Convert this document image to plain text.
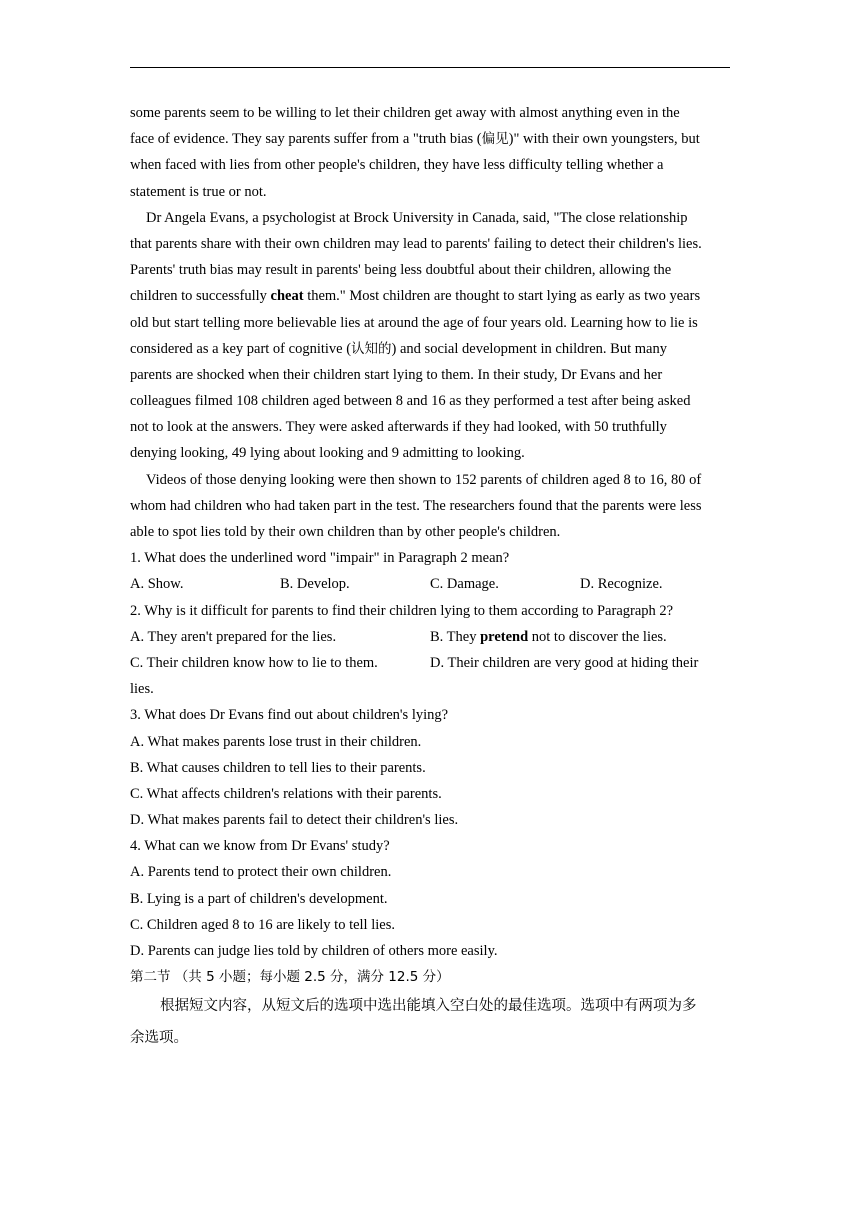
some parents seem to be willing to let their children get away with almost anything even in the
face of evidence. They say parents suffer from a "truth bias (偏见)" with their own youngsters, but
when faced with lies from other people's children, they have less difficulty telling whether a
statement is true or not.
Dr Angela Evans, a psychologist at Brock University in Canada, said, "The close relationship
that parents share with their own children may lead to parents' failing to detect their children's lies.
Parents' truth bias may result in parents' being less doubtful about their children, allowing the
children to successfully cheat them." Most children are thought to start lying as early as two years
old but start telling more believable lies at around the age of four years old. Learning how to lie is
considered as a key part of cognitive (认知的) and social development in children. But many
parents are shocked when their children start lying to them. In their study, Dr Evans and her
colleagues filmed 108 children aged between 8 and 16 as they performed a test after being asked
not to look at the answers. They were asked afterwards if they had looked, with 50 truthfully
denying looking, 49 lying about looking and 9 admitting to looking.
Videos of those denying looking were then shown to 152 parents of children aged 8 to 16, 80 of
whom had children who had taken part in the test. The researchers found that the parents were less
able to spot lies told by their own children than by other people's children.
1. What does the underlined word "impair" in Paragraph 2 mean?
A. Show.	B. Develop.	C. Damage.	D. Recognize.
2. Why is it difficult for parents to find their children lying to them according to Paragraph 2?
A. They aren't prepared for the lies.	B. They pretend not to discover the lies.
C. Their children know how to lie to them.	D. Their children are very good at hiding their
lies.
3. What does Dr Evans find out about children's lying?
A. What makes parents lose trust in their children.
B. What causes children to tell lies to their parents.
C. What affects children's relations with their parents.
D. What makes parents fail to detect their children's lies.
4. What can we know from Dr Evans' study?
A. Parents tend to protect their own children.
B. Lying is a part of children's development.
C. Children aged 8 to 16 are likely to tell lies.
D. Parents can judge lies told by children of others more easily.
第二节 （共 5 小题；每小题 2.5 分，满分 12.5 分）
根据短文内容，从短文后的选项中选出能填入空白处的最佳选项。选项中有两项为多
余选项。
